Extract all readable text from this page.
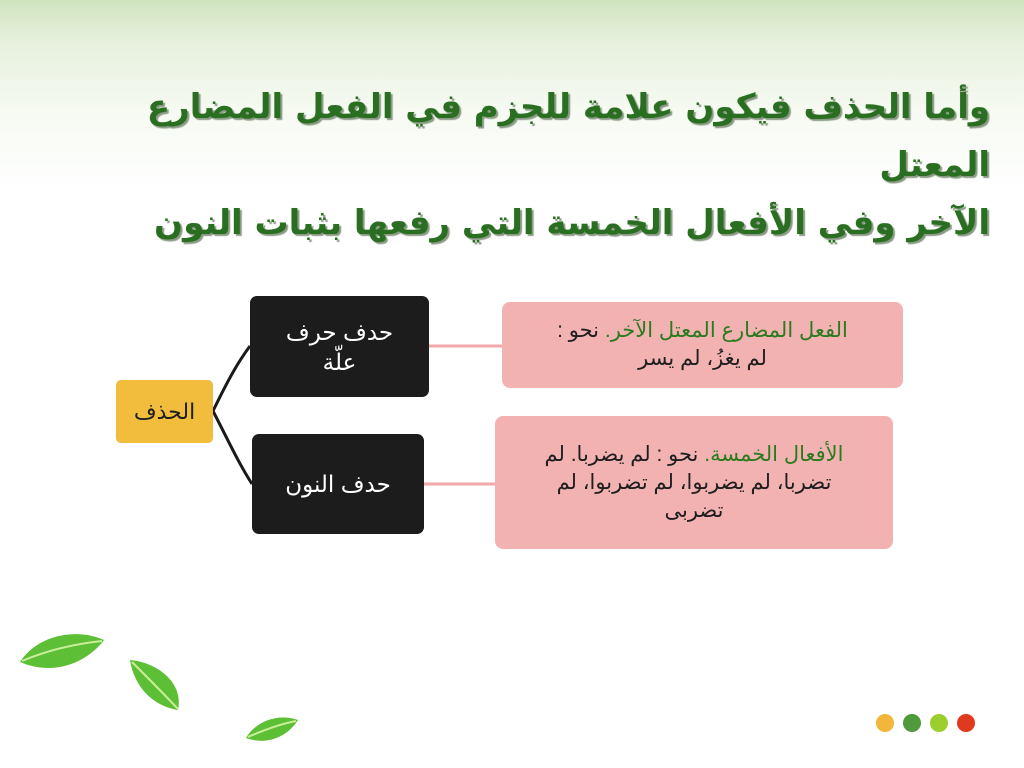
وأما الحذف فيكون علامة للجزم في الفعل المضارع المعتل
الآخر وفي الأفعال الخمسة التي رفعها بثبات النون
الحذف
حدف حرف
علّة
حدف النون
الفعل المضارع المعتل الآخر. نحو :
لم يغزُ، لم يسر
الأفعال الخمسة. نحو : لم يضربا. لم
تضربا، لم يضربوا، لم تضربوا، لم
تضربى
